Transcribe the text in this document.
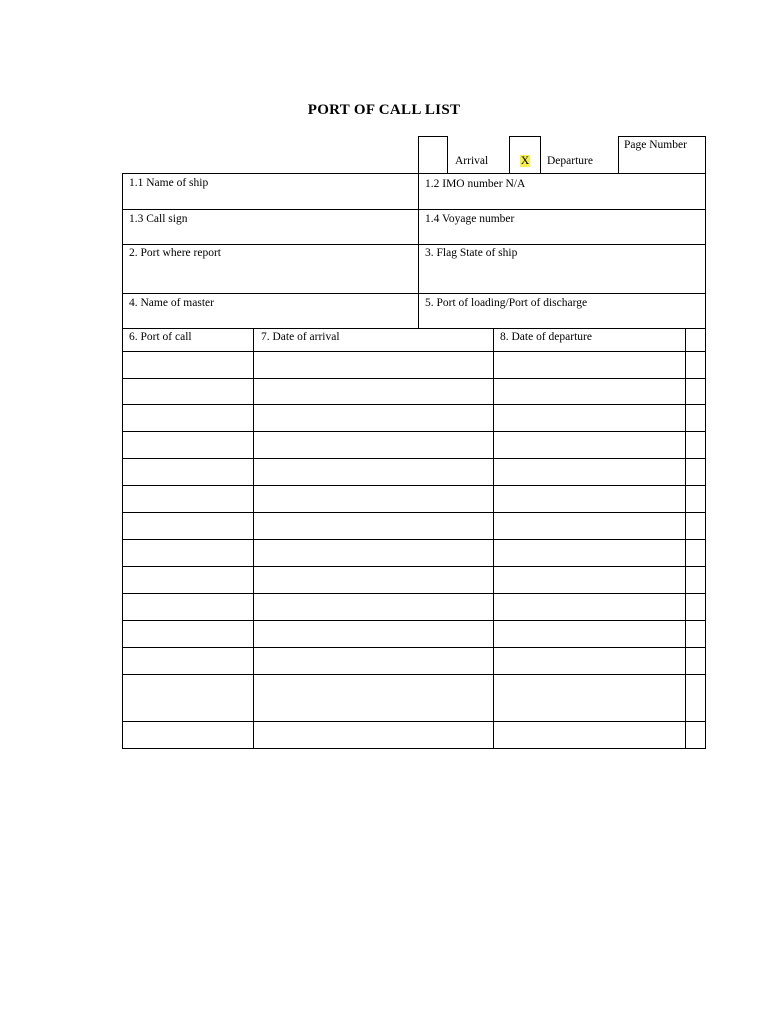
PORT OF CALL LIST
Arrival	X	Departure
Page Number
1.1 Name of ship	1.2 IMO number N/A
1.3 Call sign	1.4 Voyage number
2. Port where report	3. Flag State of ship
4. Name of master	5. Port of loading/Port of discharge
6. Port of call	7. Date of arrival	8. Date of departure
